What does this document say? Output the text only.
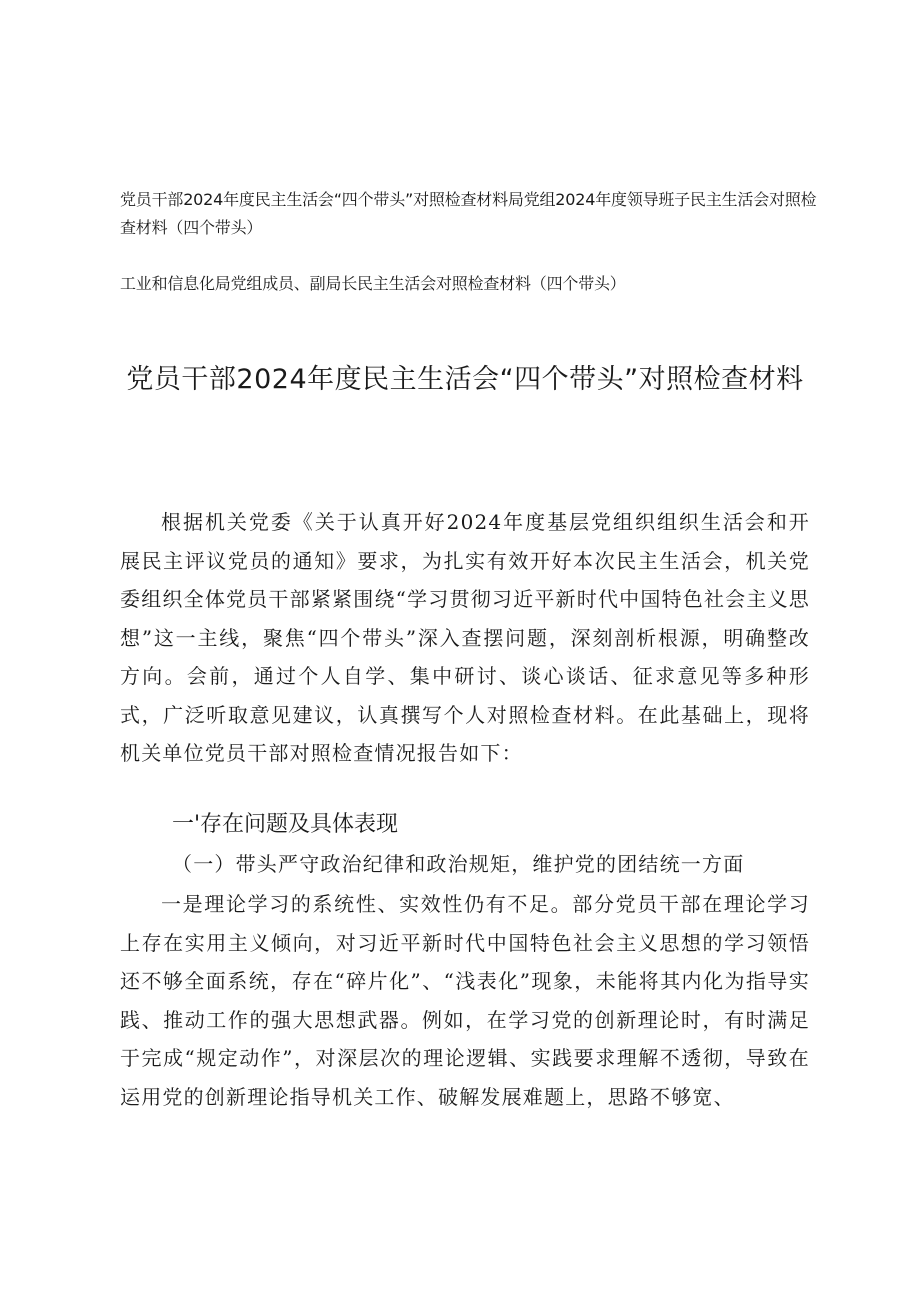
党员干部2024年度民主生活会“四个带头”对照检查材料局党组2024年度领导班子民主生活会对照检查材料（四个带头）
工业和信息化局党组成员、副局长民主生活会对照检查材料（四个带头）
党员干部2024年度民主生活会“四个带头”对照检查材料
根据机关党委《关于认真开好2024年度基层党组织组织生活会和开展民主评议党员的通知》要求，为扎实有效开好本次民主生活会，机关党委组织全体党员干部紧紧围绕“学习贯彻习近平新时代中国特色社会主义思想”这一主线，聚焦“四个带头”深入查摆问题，深刻剖析根源，明确整改方向。会前，通过个人自学、集中研讨、谈心谈话、征求意见等多种形式，广泛听取意见建议，认真撰写个人对照检查材料。在此基础上，现将机关单位党员干部对照检查情况报告如下：
一'存在问题及具体表现
（一）带头严守政治纪律和政治规矩，维护党的团结统一方面
一是理论学习的系统性、实效性仍有不足。部分党员干部在理论学习上存在实用主义倾向，对习近平新时代中国特色社会主义思想的学习领悟还不够全面系统，存在“碎片化”、“浅表化”现象，未能将其内化为指导实践、推动工作的强大思想武器。例如，在学习党的创新理论时，有时满足于完成“规定动作”，对深层次的理论逻辑、实践要求理解不透彻，导致在运用党的创新理论指导机关工作、破解发展难题上，思路不够宽、
